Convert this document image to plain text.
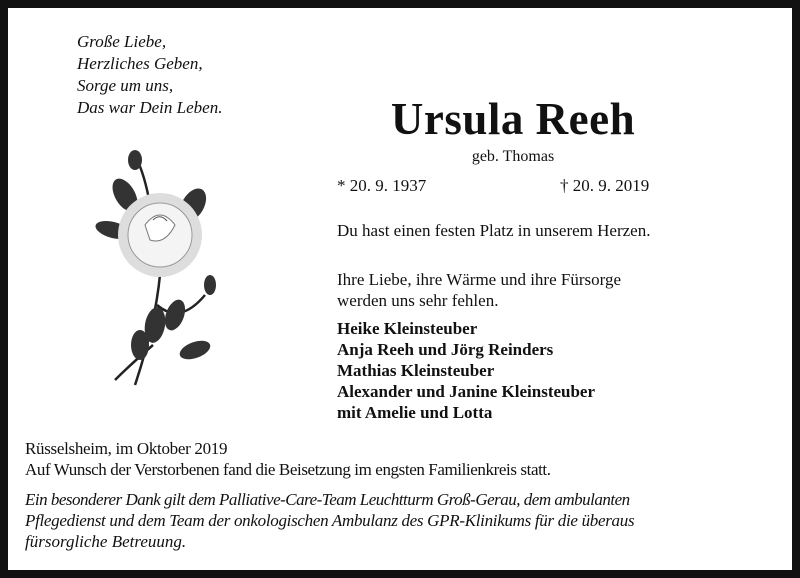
Große Liebe,
Herzliches Geben,
Sorge um uns,
Das war Dein Leben.	Ursula Reeh
geb. Thomas
* 20. 9. 1937	† 20. 9. 2019
Du hast einen festen Platz in unserem Herzen.
Ihre Liebe, ihre Wärme und ihre Fürsorge
werden uns sehr fehlen.
Heike Kleinsteuber
Anja Reeh und Jörg Reinders
Mathias Kleinsteuber
Alexander und Janine Kleinsteuber
mit Amelie und Lotta
Rüsselsheim, im Oktober 2019
Auf Wunsch der Verstorbenen fand die Beisetzung im engsten Familienkreis statt.
Ein besonderer Dank gilt dem Palliative-Care-Team Leuchtturm Groß-Gerau, dem ambulanten
Pflegedienst und dem Team der onkologischen Ambulanz des GPR-Klinikums für die überaus
fürsorgliche Betreuung.
